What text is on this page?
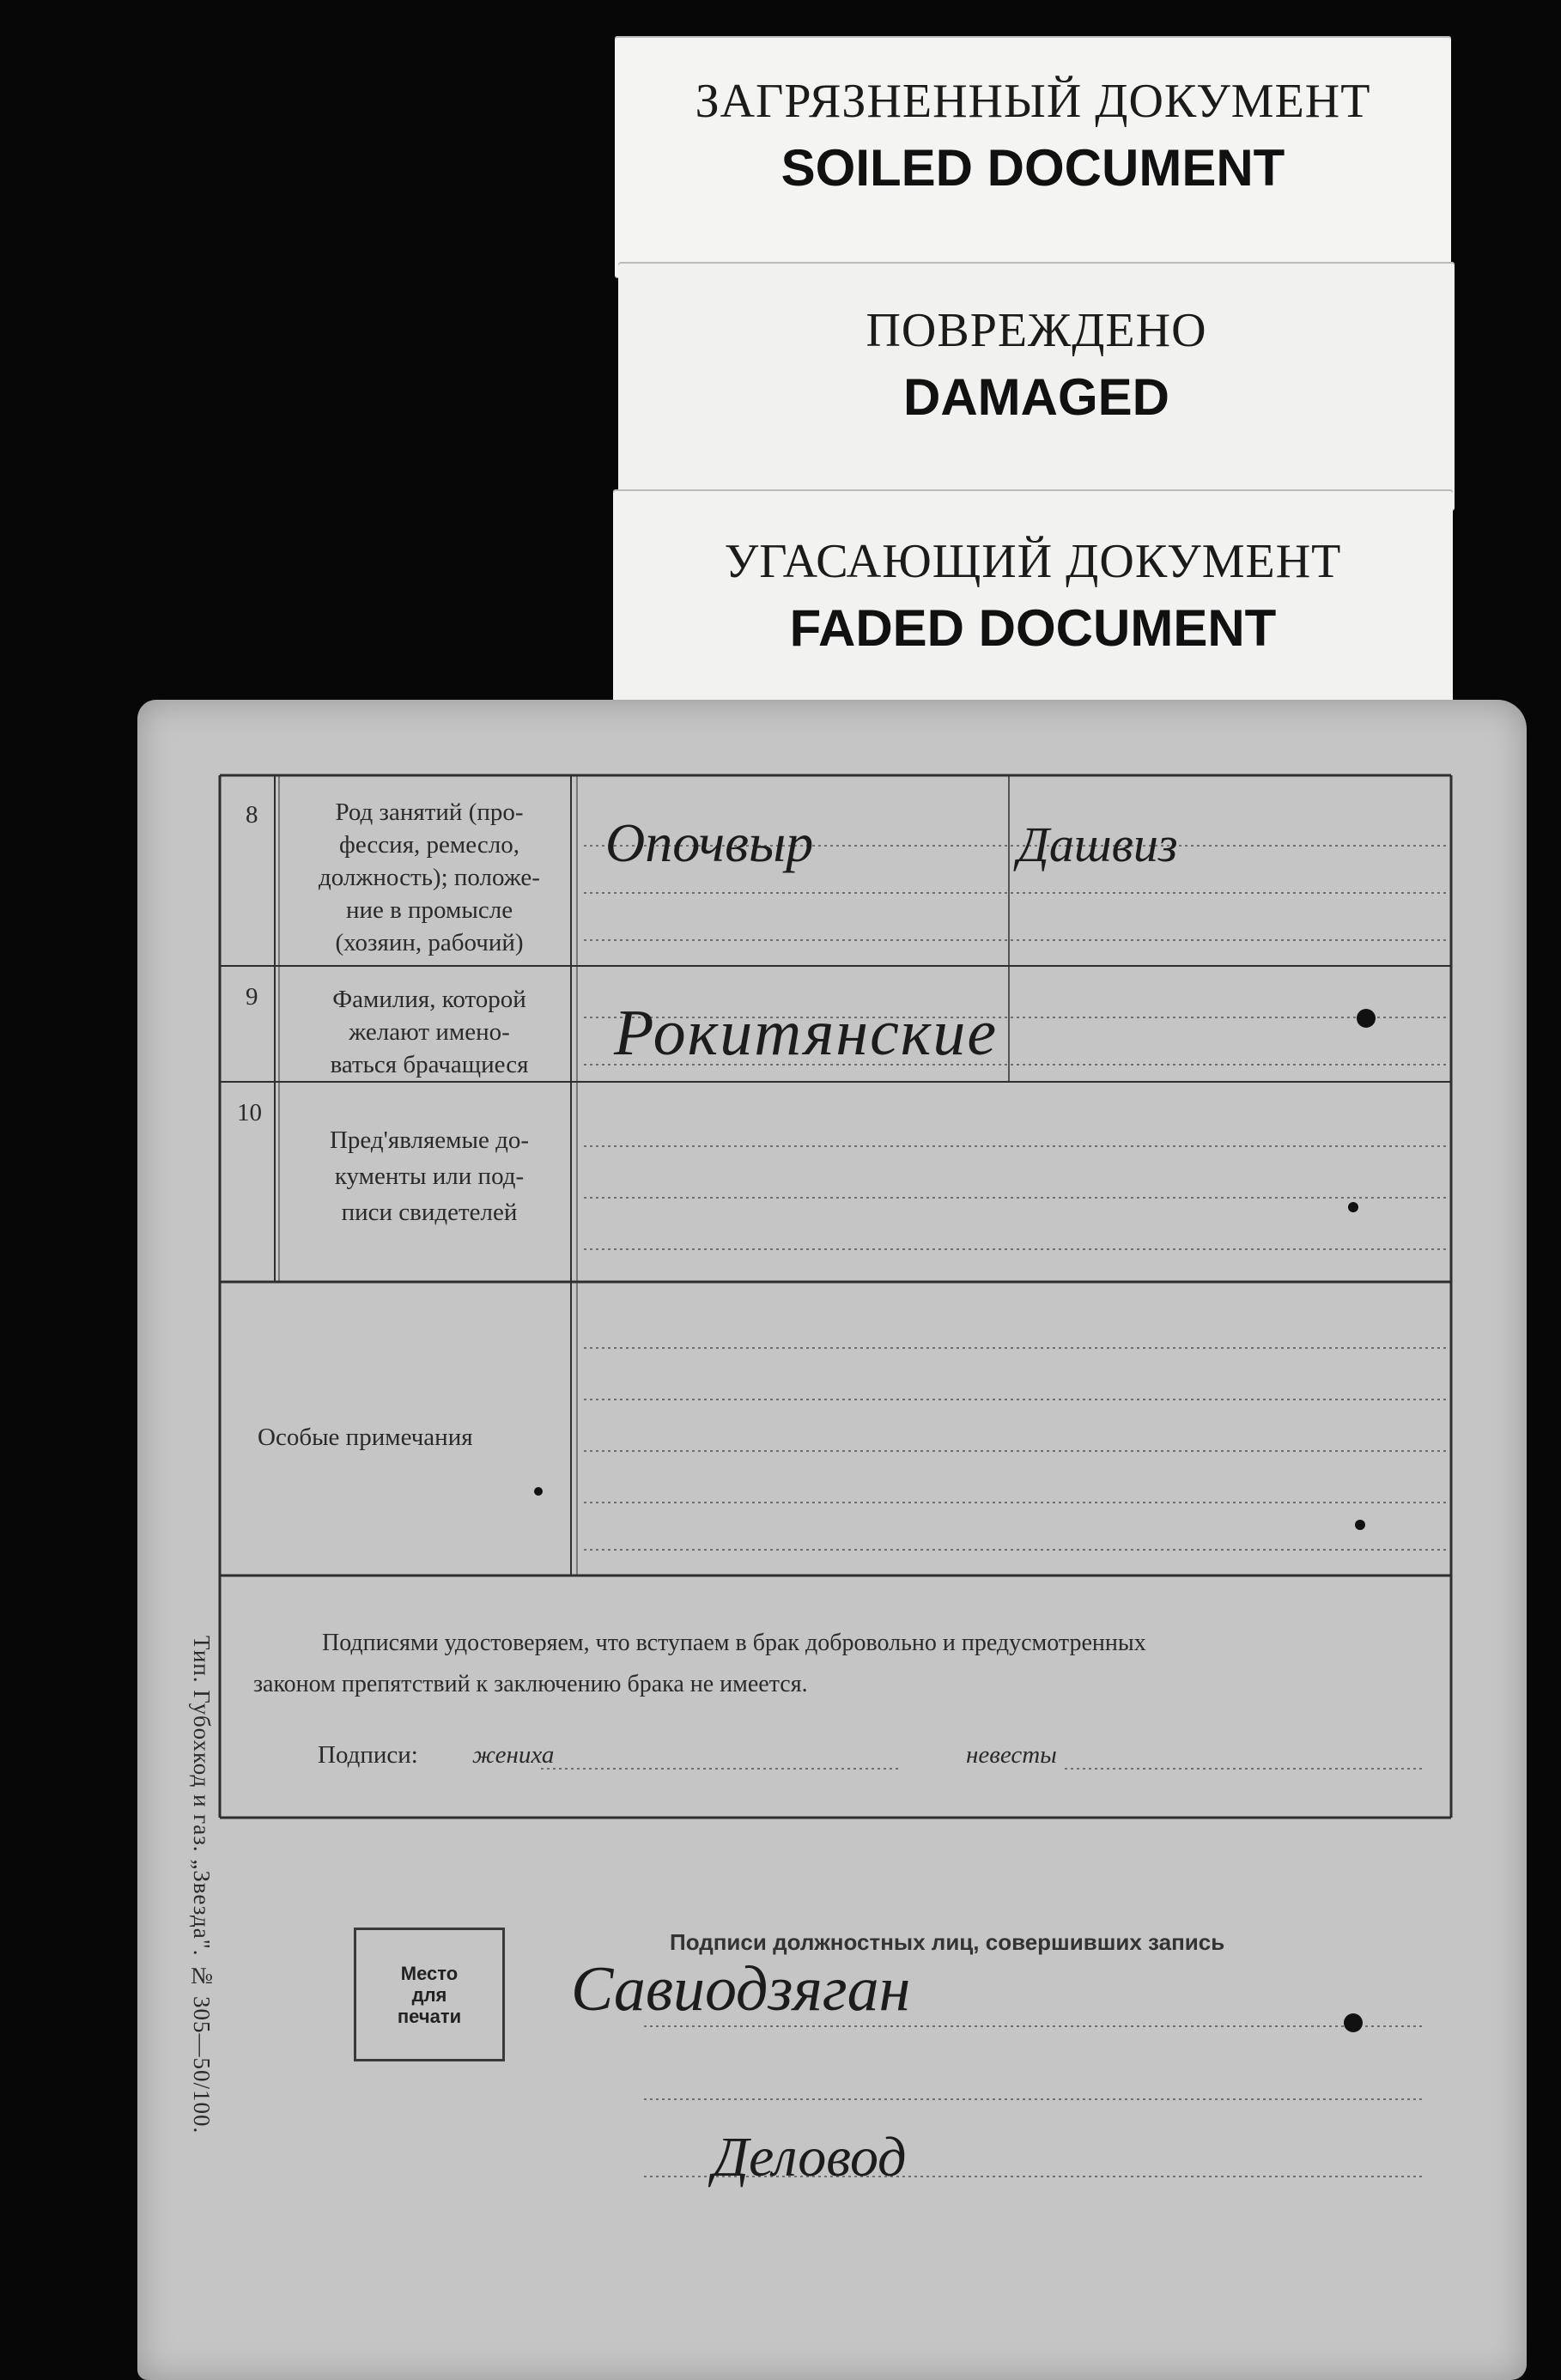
ЗАГРЯЗНЕННЫЙ ДОКУМЕНТ
SOILED DOCUMENT
ПОВРЕЖДЕНО
DAMAGED
УГАСАЮЩИЙ ДОКУМЕНТ
FADED DOCUMENT
8
9
10
Род занятий (про-
фессия, ремесло,
должность); положе-
ние в промысле
(хозяин, рабочий)
Фамилия, которой
желают имено-
ваться брачащиеся
Пред'являемые до-
кументы или под-
писи свидетелей
Особые примечания
Подписями удостоверяем, что вступаем в брак добровольно и предусмотренных
законом препятствий к заключению брака не имеется.
Подписи: жениха	невесты
Место
для
печати
Подписи должностных лиц, совершивших запись
Тип. Губохкод и газ. „Звезда". № 305—50/100.
Опочвыр	Дашвиз
Рокитянские
Савиодзяган
Деловод
